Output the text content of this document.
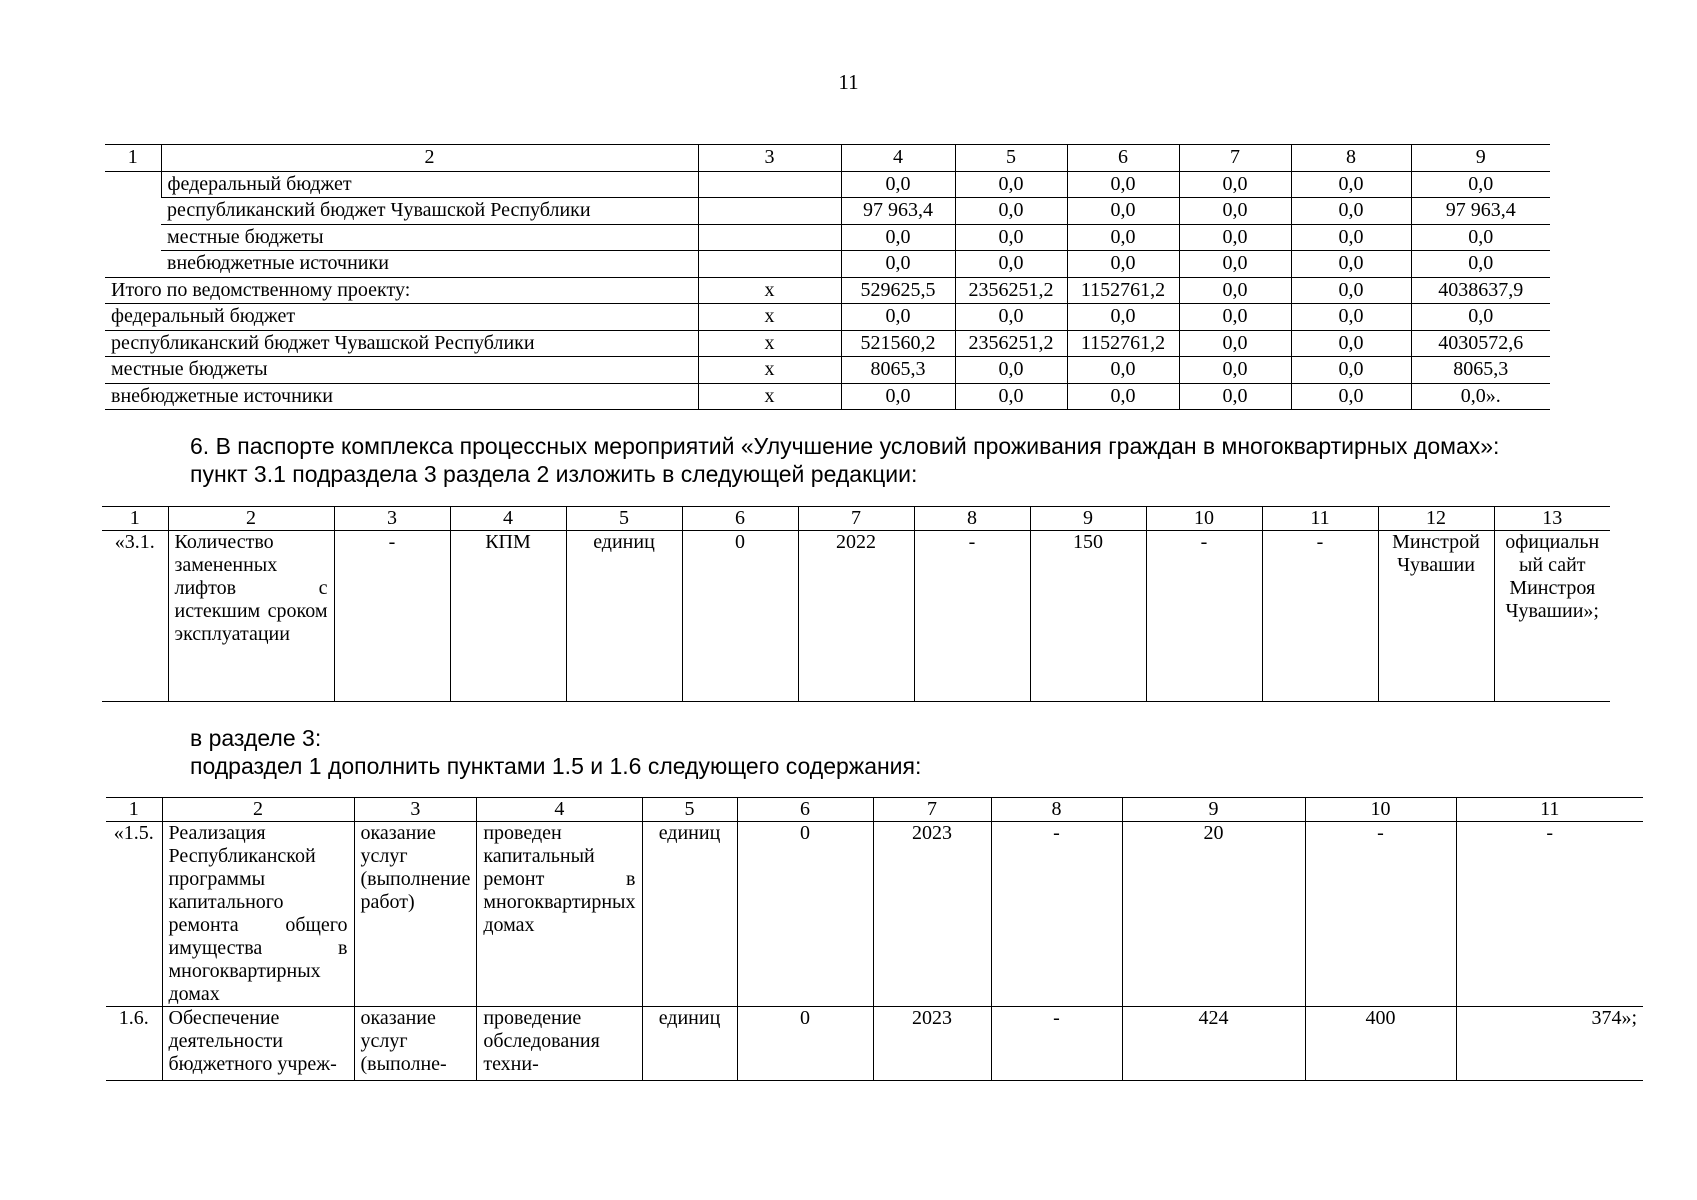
11
1	2	3	4	5	6	7	8	9
	федеральный бюджет		0,0	0,0	0,0	0,0	0,0	0,0
	республиканский бюджет Чувашской Республики		97 963,4	0,0	0,0	0,0	0,0	97 963,4
	местные бюджеты		0,0	0,0	0,0	0,0	0,0	0,0
	внебюджетные источники		0,0	0,0	0,0	0,0	0,0	0,0
Итого по ведомственному проекту:		x	529625,5	2356251,2	1152761,2	0,0	0,0	4038637,9
федеральный бюджет		x	0,0	0,0	0,0	0,0	0,0	0,0
республиканский бюджет Чувашской Республики		x	521560,2	2356251,2	1152761,2	0,0	0,0	4030572,6
местные бюджеты		x	8065,3	0,0	0,0	0,0	0,0	8065,3
внебюджетные источники		x	0,0	0,0	0,0	0,0	0,0	0,0».
6. В паспорте комплекса процессных мероприятий «Улучшение условий проживания граждан в многоквартирных домах»:
пункт 3.1 подраздела 3 раздела 2 изложить в следующей редакции:
1	2	3	4	5	6	7	8	9	10	11	12	13
«3.1.	Количество замененных лифтов с истекшим сроком эксплуатации	-	КПМ	единиц	0	2022	-	150	-	-	Минстрой Чувашии	официальный сайт Минстроя Чувашии»;
в разделе 3:
подраздел 1 дополнить пунктами 1.5 и 1.6 следующего содержания:
1	2	3	4	5	6	7	8	9	10	11
«1.5.	Реализация Республиканской программы капитального ремонта общего имущества в многоквартирных домах	оказание услуг (выполнение работ)	проведен капитальный ремонт в многоквартирных домах	единиц	0	2023	-	20	-	-
1.6.	Обеспечение деятельности бюджетного учреж-	оказание услуг (выполне-	проведение обследования техни-	единиц	0	2023	-	424	400	374»;
